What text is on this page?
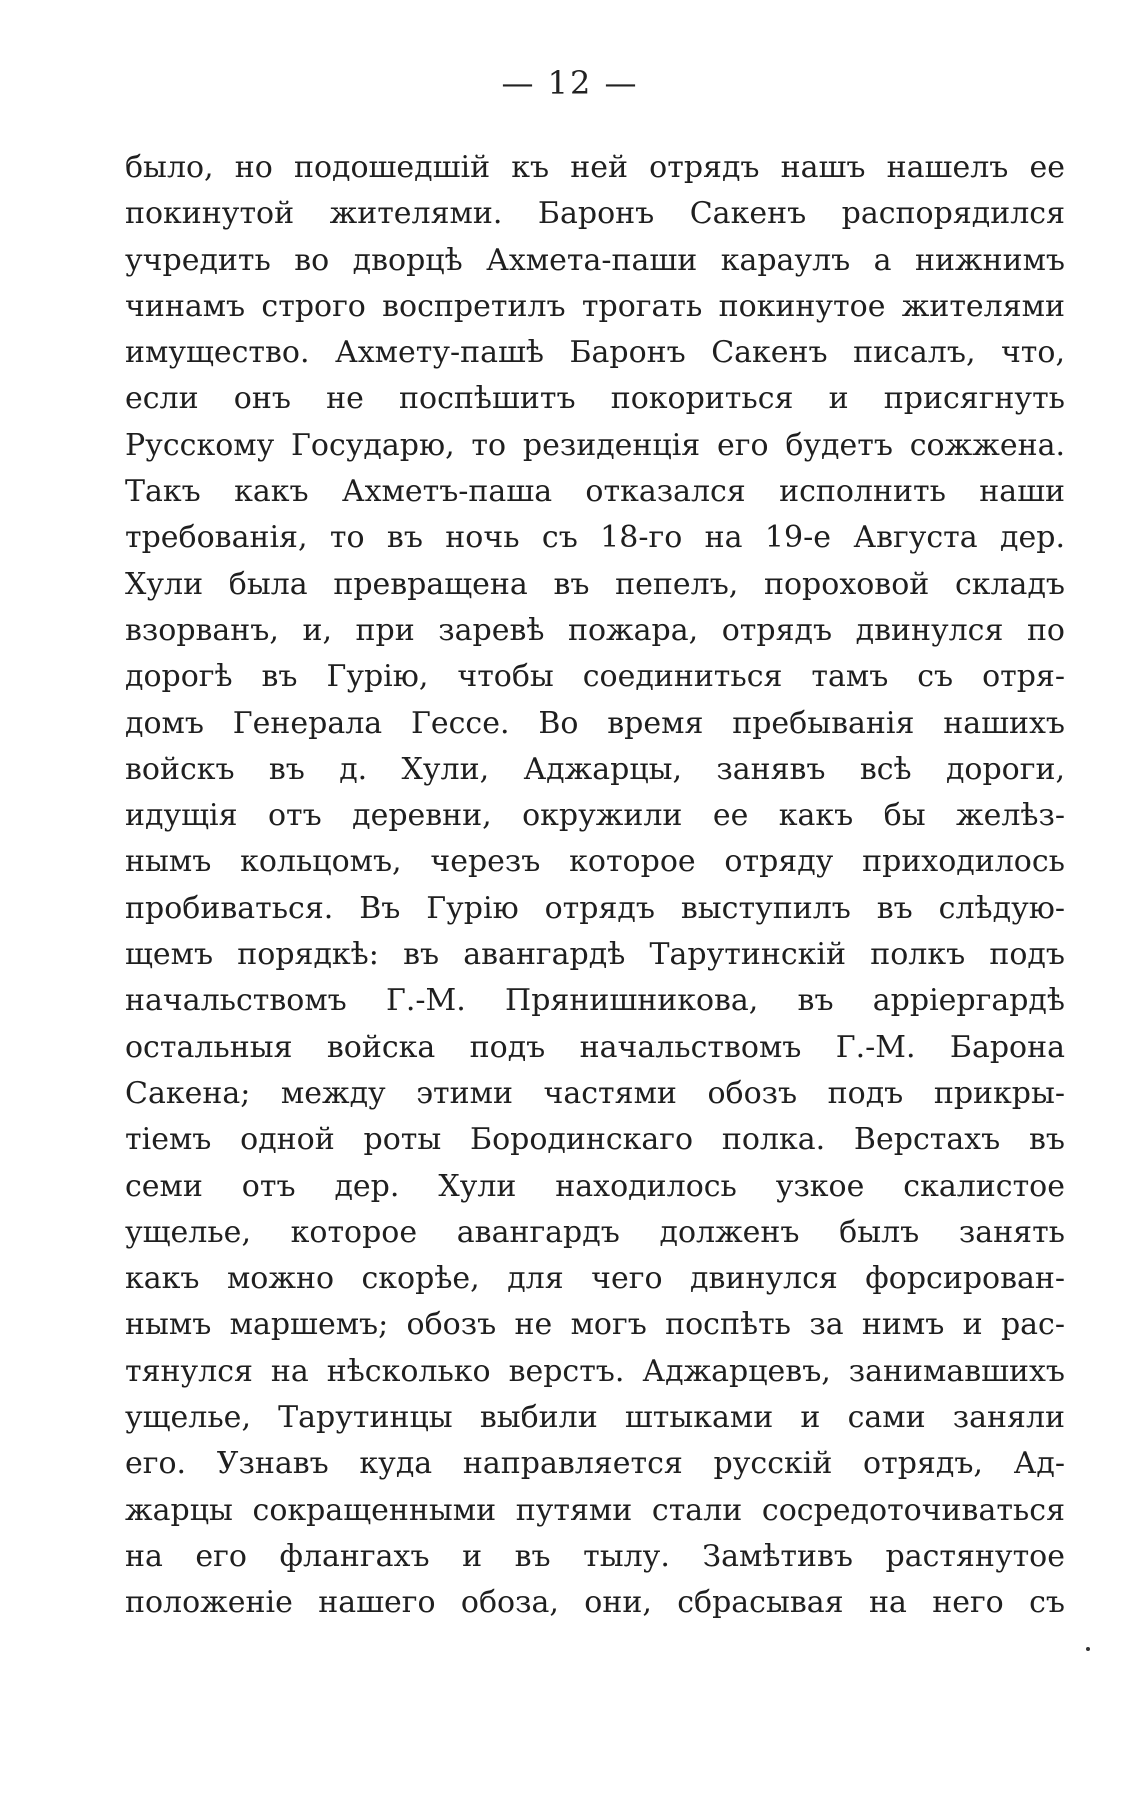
— 12 —
было, но подошедшій къ ней отрядъ нашъ нашелъ ее
покинутой жителями. Баронъ Сакенъ распорядился
учредить во дворцѣ Ахмета-паши караулъ а нижнимъ
чинамъ строго воспретилъ трогать покинутое жителями
имущество. Ахмету-пашѣ Баронъ Сакенъ писалъ, что,
если онъ не поспѣшитъ покориться и присягнуть
Русскому Государю, то резиденція его будетъ сожжена.
Такъ какъ Ахметъ-паша отказался исполнить наши
требованія, то въ ночь съ 18-го на 19-е Августа дер.
Хули была превращена въ пепелъ, пороховой складъ
взорванъ, и, при заревѣ пожара, отрядъ двинулся по
дорогѣ въ Гурію, чтобы соединиться тамъ съ отря-
домъ Генерала Гессе. Во время пребыванія нашихъ
войскъ въ д. Хули, Аджарцы, занявъ всѣ дороги,
идущія отъ деревни, окружили ее какъ бы желѣз-
нымъ кольцомъ, черезъ которое отряду приходилось
пробиваться. Въ Гурію отрядъ выступилъ въ слѣдую-
щемъ порядкѣ: въ авангардѣ Тарутинскій полкъ подъ
начальствомъ Г.-М. Прянишникова, въ арріергардѣ
остальныя войска подъ начальствомъ Г.-М. Барона
Сакена; между этими частями обозъ подъ прикры-
тіемъ одной роты Бородинскаго полка. Верстахъ въ
семи отъ дер. Хули находилось узкое скалистое
ущелье, которое авангардъ долженъ былъ занять
какъ можно скорѣе, для чего двинулся форсирован-
нымъ маршемъ; обозъ не могъ поспѣть за нимъ и рас-
тянулся на нѣсколько верстъ. Аджарцевъ, занимавшихъ
ущелье, Тарутинцы выбили штыками и сами заняли
его. Узнавъ куда направляется русскій отрядъ, Ад-
жарцы сокращенными путями стали сосредоточиваться
на его флангахъ и въ тылу. Замѣтивъ растянутое
положеніе нашего обоза, они, сбрасывая на него съ
